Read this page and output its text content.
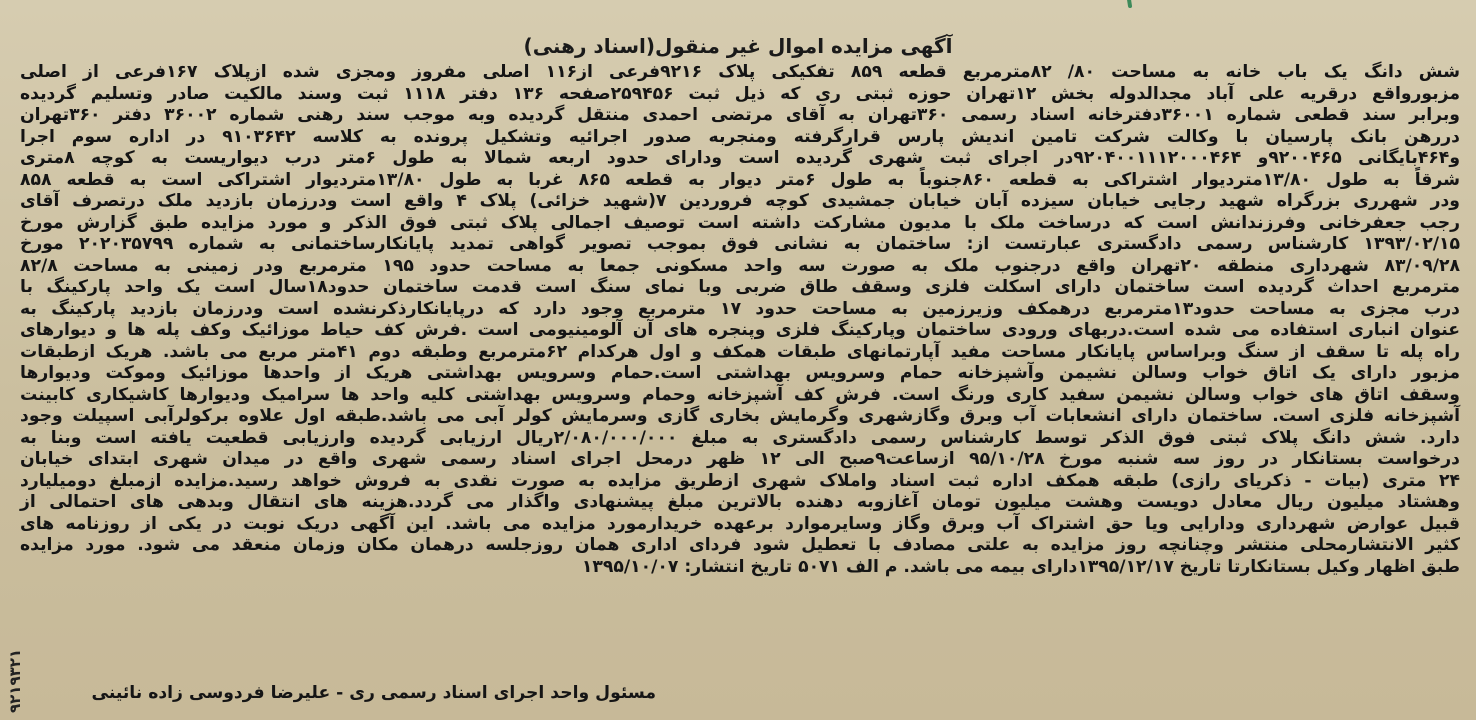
آگهی مزایده اموال غیر منقول(اسناد رهنی)
شش دانگ یک باب خانه به مساحت ۸۰/ ۸۲مترمربع قطعه ۸۵۹ تفکیکی پلاک ۹۲۱۶فرعی از۱۱۶ اصلی مفروز ومجزی شده ازپلاک ۱۶۷فرعی از اصلی
مزبورواقع درقریه علی آباد مجدالدوله بخش ۱۲تهران حوزه ثبتی ری که ذیل ثبت ۲۵۹۴۵۶صفحه ۱۳۶ دفتر ۱۱۱۸ ثبت وسند مالکیت صادر وتسلیم گردیده
وبرابر سند قطعی شماره ۳۶۰۰۱دفترخانه اسناد رسمی ۳۶۰تهران به آقای مرتضی احمدی منتقل گردیده وبه موجب سند رهنی شماره ۳۶۰۰۲ دفتر ۳۶۰تهران
دررهن بانک پارسیان با وکالت شرکت تامین اندیش پارس قرارگرفته ومنجربه صدور اجرائیه وتشکیل پرونده به کلاسه ۹۱۰۳۶۴۲ در اداره سوم اجرا
و۴۶۴بایگانی ۹۲۰۰۴۶۵و ۹۲۰۴۰۰۱۱۱۲۰۰۰۴۶۴در اجرای ثبت شهری گردیده است ودارای حدود اربعه شمالا به طول ۶متر درب دیواریست به کوچه ۸متری
شرقاً به طول ۱۳/۸۰متردیوار اشتراکی به قطعه ۸۶۰جنوباً به طول ۶متر دیوار به قطعه ۸۶۵ غربا به طول ۱۳/۸۰متردیوار اشتراکی است به قطعه ۸۵۸
ودر شهرری بزرگراه شهید رجایی خیابان سیزده آبان خیابان جمشیدی کوچه فروردین ۷(شهید خزائی) پلاک ۴ واقع است ودرزمان بازدید ملک درتصرف آقای
رجب جعفرخانی وفرزندانش است که درساخت ملک با مدیون مشارکت داشته است توصیف اجمالی پلاک ثبتی فوق الذکر و مورد مزایده طبق گزارش مورخ
۱۳۹۳/۰۲/۱۵ کارشناس رسمی دادگستری عبارتست از: ساختمان به نشانی فوق بموجب تصویر گواهی تمدید پایانکارساختمانی به شماره ۲۰۲۰۳۵۷۹۹ مورخ
۸۳/۰۹/۲۸ شهرداری منطقه ۲۰تهران واقع درجنوب ملک به صورت سه واحد مسکونی جمعا به مساحت حدود ۱۹۵ مترمربع ودر زمینی به مساحت ۸۲/۸
مترمربع احداث گردیده است ساختمان دارای اسکلت فلزی وسقف طاق ضربی وبا نمای سنگ است قدمت ساختمان حدود۱۸سال است یک واحد پارکینگ با
درب مجزی به مساحت حدود۱۳مترمربع درهمکف وزیرزمین به مساحت حدود ۱۷ مترمربع وجود دارد که درپایانکارذکرنشده است ودرزمان بازدید پارکینگ به
عنوان انباری استفاده می شده است.دربهای ورودی ساختمان وپارکینگ فلزی وپنجره های آن آلومینیومی است .فرش کف حیاط موزائیک وکف پله ها و دیوارهای
راه پله تا سقف از سنگ وبراساس پایانکار مساحت مفید آپارتمانهای طبقات همکف و اول هرکدام ۶۲مترمربع وطبقه دوم ۴۱متر مربع می باشد. هریک ازطبقات
مزبور دارای یک اتاق خواب وسالن نشیمن وآشپزخانه حمام وسرویس بهداشتی است.حمام وسرویس بهداشتی هریک از واحدها موزائیک وموکت ودیوارها
وسقف اتاق های خواب وسالن نشیمن سفید کاری ورنگ است. فرش کف آشپزخانه وحمام وسرویس بهداشتی کلیه واحد ها سرامیک ودیوارها کاشیکاری کابینت
آشپزخانه فلزی است. ساختمان دارای انشعابات آب وبرق وگازشهری وگرمایش بخاری گازی وسرمایش کولر آبی می باشد.طبقه اول علاوه برکولرآبی اسپیلت وجود
دارد. شش دانگ پلاک ثبتی فوق الذکر توسط کارشناس رسمی دادگستری به مبلغ ۲/۰۸۰/۰۰۰/۰۰۰ریال ارزیابی گردیده وارزیابی قطعیت یافته است وبنا به
درخواست بستانکار در روز سه شنبه مورخ ۹۵/۱۰/۲۸ ازساعت۹صبح الی ۱۲ ظهر درمحل اجرای اسناد رسمی شهری واقع در میدان شهری ابتدای خیابان
۲۴ متری (بیات - ذکریای رازی) طبقه همکف اداره ثبت اسناد واملاک شهری ازطریق مزایده به صورت نقدی به فروش خواهد رسید.مزایده ازمبلغ دومیلیارد
وهشتاد میلیون ریال معادل دویست وهشت میلیون تومان آغازوبه دهنده بالاترین مبلغ پیشنهادی واگذار می گردد.هزینه های انتقال وبدهی های احتمالی از
قبیل عوارض شهرداری ودارایی ویا حق اشتراک آب وبرق وگاز وسایرموارد برعهده خریدارمورد مزایده می باشد. این آگهی دریک نوبت در یکی از روزنامه های
کثیر الانتشارمحلی منتشر وچنانچه روز مزایده به علتی مصادف با تعطیل شود فردای اداری همان روزجلسه درهمان مکان وزمان منعقد می شود. مورد مزایده
طبق اظهار وکیل بستانکارتا تاریخ ۱۳۹۵/۱۲/۱۷دارای بیمه می باشد. م الف ۵۰۷۱ تاریخ انتشار: ۱۳۹۵/۱۰/۰۷
مسئول واحد اجرای اسناد رسمی ری - علیرضا فردوسی زاده نائینی
۹۲۱۹۳۲۱
